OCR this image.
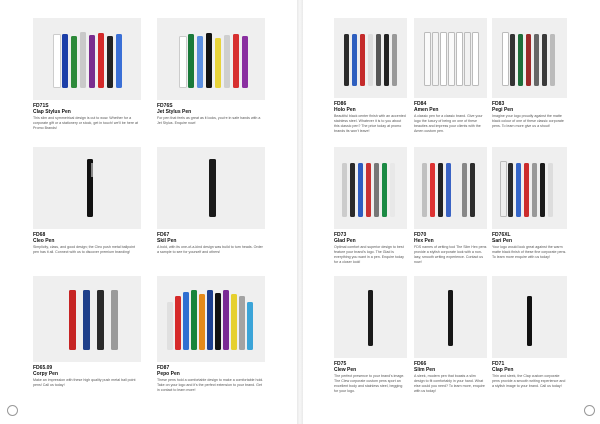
FD71S
Clap Stylus Pen
This slim and symmetrical design is cut to wow. Whether for a corporate gift or a stationery or stock, get in touch! we'll be here at Promo Brands!
FD76S
Jet Stylus Pen
For pen that feels as great as it looks, you're in safe hands with a Jet Stylus. Enquire now!
FD68
Cleo Pen
Simplicity, class, and good design; the Cleo push metal ballpoint pen has it all. Connect with us to discover premium branding!
FD67
Skil Pen
A bold, with its one-of-a-kind design was build to turn heads. Order a sample to see for yourself and others!
FD65.09
Corpy Pen
Make an impression with these high quality push metal ball point pens! Call us today!
FD87
Pepo Pen
These pens hold a comfortable design to make a comfortable hold. Take on your logo and it's the perfect extension to your brand. Get in contact to learn more!
FD86
Holo Pen
Beautiful black center finish with an accented stainless steel. Whatever it is to you about this classic pen? The price today at promo brands its won't leave!
FD84
Amen Pen
A classic pen for a classic brand. Give your logo the luxury of being on one of these beauties and impress your clients with the Amen custom pen.
FD83
Pegi Pen
Imagine your logo proudly against the matte black colour of one of these classic corporate pens. To learn more give us a shout!
FD73
Glad Pen
Optimal comfort and superior design to best feature your brand's logo. The Glad is everything you want in a pen. Enquire today for a closer look!
FD70
Hex Pen
FDS names of writing tool The Slim Hex pens provide a stylish corporate look with a non-lasy, smooth writing experience. Contact us now!
FD76XL
Sari Pen
Your logo would look great against the warm matte black finish of these fine corporate pens. To learn more enquire with us today!
FD75
Clew Pen
The perfect presence to your brand's image. The Clew corporate custom pens sport an excellent body and stainless steel, begging for your logo.
FD66
Slim Pen
A sleek, modern pen that boasts a slim design to fit comfortably in your hand. What else could you need? To learn more, enquire with us today!
FD71
Clap Pen
Thin and sleek, the Clap custom corporate pens provide a smooth writing experience and a stylish image to your brand. Call us today!
